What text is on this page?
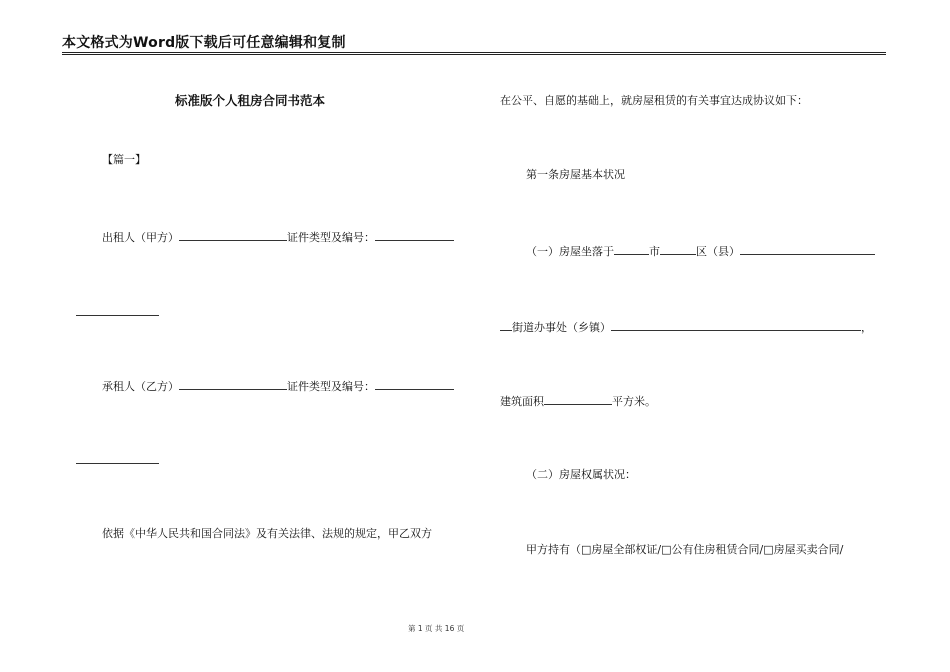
本文格式为Word版下载后可任意编辑和复制
标准版个人租房合同书范本
【篇一】
出租人（甲方）	证件类型及编号：
承租人（乙方）	证件类型及编号：
依据《中华人民共和国合同法》及有关法律、法规的规定，甲乙双方
在公平、自愿的基础上，就房屋租赁的有关事宜达成协议如下：
第一条房屋基本状况
（一）房屋坐落于	市	区（县）
街道办事处（乡镇）	，
建筑面积	平方米。
（二）房屋权属状况：
甲方持有（□房屋全部权证/□公有住房租赁合同/□房屋买卖合同/
第 1 页 共 16 页
